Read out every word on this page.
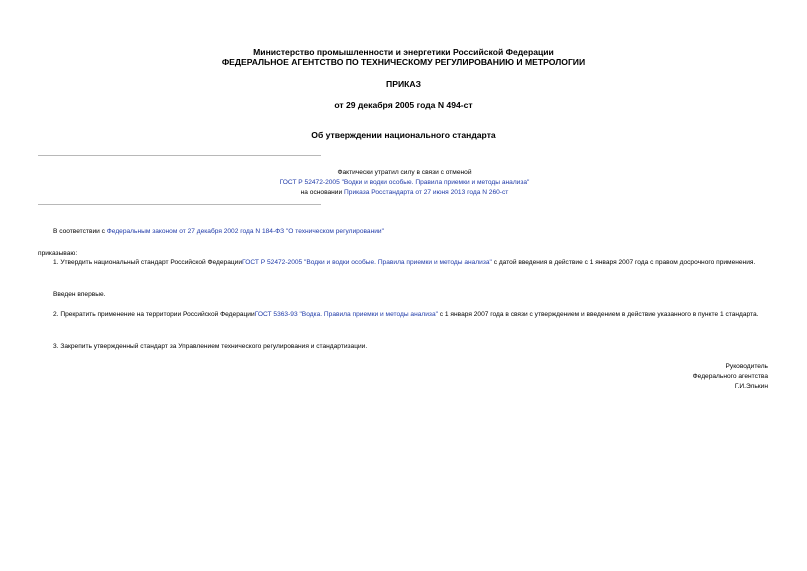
Министерство промышленности и энергетики Российской Федерации
ФЕДЕРАЛЬНОЕ АГЕНТСТВО ПО ТЕХНИЧЕСКОМУ РЕГУЛИРОВАНИЮ И МЕТРОЛОГИИ
ПРИКАЗ
от 29 декабря 2005 года N 494-ст
Об утверждении национального стандарта
Фактически утратил силу в связи с отменой
ГОСТ Р 52472-2005 "Водки и водки особые. Правила приемки и методы анализа"
на основании Приказа Росстандарта от 27 июня 2013 года N 260-ст
В соответствии с Федеральным законом от 27 декабря 2002 года N 184-ФЗ "О техническом регулировании"
приказываю:
1. Утвердить национальный стандарт Российской ФедерацииГОСТ Р 52472-2005 "Водки и водки особые. Правила приемки и методы анализа" с датой введения в действие с 1 января 2007 года с правом досрочного применения.
Введен впервые.
2. Прекратить применение на территории Российской ФедерацииГОСТ 5363-93 "Водка. Правила приемки и методы анализа" с 1 января 2007 года в связи с утверждением и введением в действие указанного в пункте 1 стандарта.
3. Закрепить утвержденный стандарт за Управлением технического регулирования и стандартизации.
Руководитель
Федерального агентства
Г.И.Элькин
